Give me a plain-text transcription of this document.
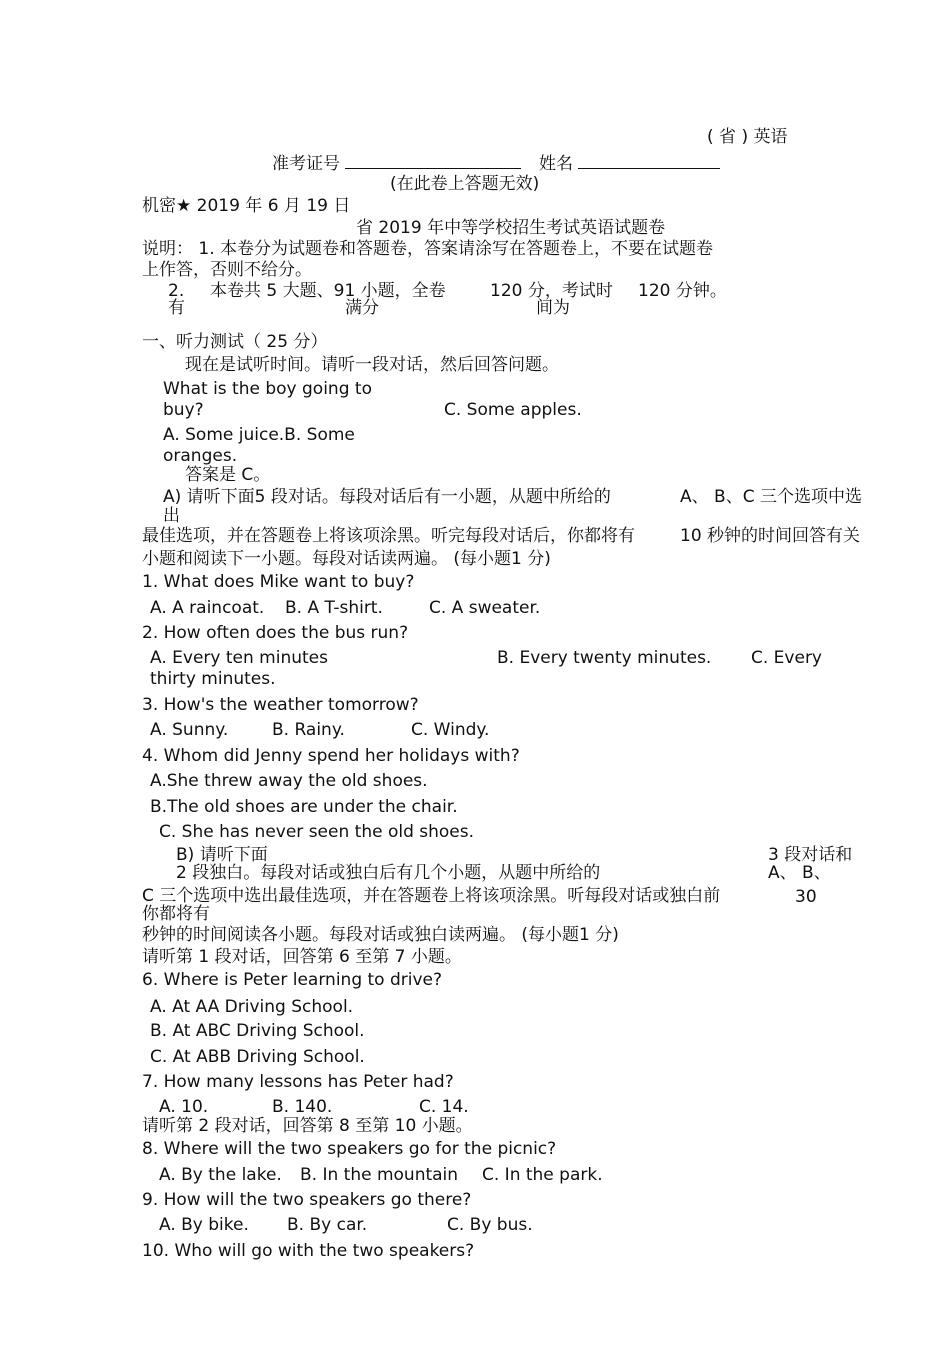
( 省 ) 英语
准考证号	姓名
(在此卷上答题无效)
机密★ 2019 年 6 月 19 日
省 2019 年中等学校招生考试英语试题卷
说明： 1. 本卷分为试题卷和答题卷，答案请涂写在答题卷上，不要在试题卷
上作答，否则不给分。
2. 本卷共 5 大题、91 小题，全卷	120 分，考试时 120 分钟。
有	满分	间为
一、听力测试（ 25 分）
现在是试听时间。请听一段对话，然后回答问题。
What is the boy going to
buy?	C. Some apples.
A. Some juice.B. Some
oranges.
答案是 C。
A) 请听下面5 段对话。每段对话后有一小题，从题中所给的	A、 B、C 三个选项中选
出
最佳选项，并在答题卷上将该项涂黑。听完每段对话后，你都将有	10 秒钟的时间回答有关
小题和阅读下一小题。每段对话读两遍。 (每小题1 分)
1. What does Mike want to buy?
A. A raincoat. B. A T-shirt.	C. A sweater.
2. How often does the bus run?
A. Every ten minutes	B. Every twenty minutes. C. Every
thirty minutes.
3. How's the weather tomorrow?
A. Sunny.	B. Rainy.	C. Windy.
4. Whom did Jenny spend her holidays with?
A.She threw away the old shoes.
B.The old shoes are under the chair.
C. She has never seen the old shoes.
B) 请听下面	3 段对话和
2 段独白。每段对话或独白后有几个小题，从题中所给的	A、 B、
C 三个选项中选出最佳选项，并在答题卷上将该项涂黑。听每段对话或独白前	30
你都将有
秒钟的时间阅读各小题。每段对话或独白读两遍。 (每小题1 分)
请听第 1 段对话，回答第 6 至第 7 小题。
6. Where is Peter learning to drive?
A. At AA Driving School.
B. At ABC Driving School.
C. At ABB Driving School.
7. How many lessons has Peter had?
A. 10.	B. 140.	C. 14.
请听第 2 段对话，回答第 8 至第 10 小题。
8. Where will the two speakers go for the picnic?
A. By the lake. B. In the mountain C. In the park.
9. How will the two speakers go there?
A. By bike. B. By car.	C. By bus.
10. Who will go with the two speakers?
